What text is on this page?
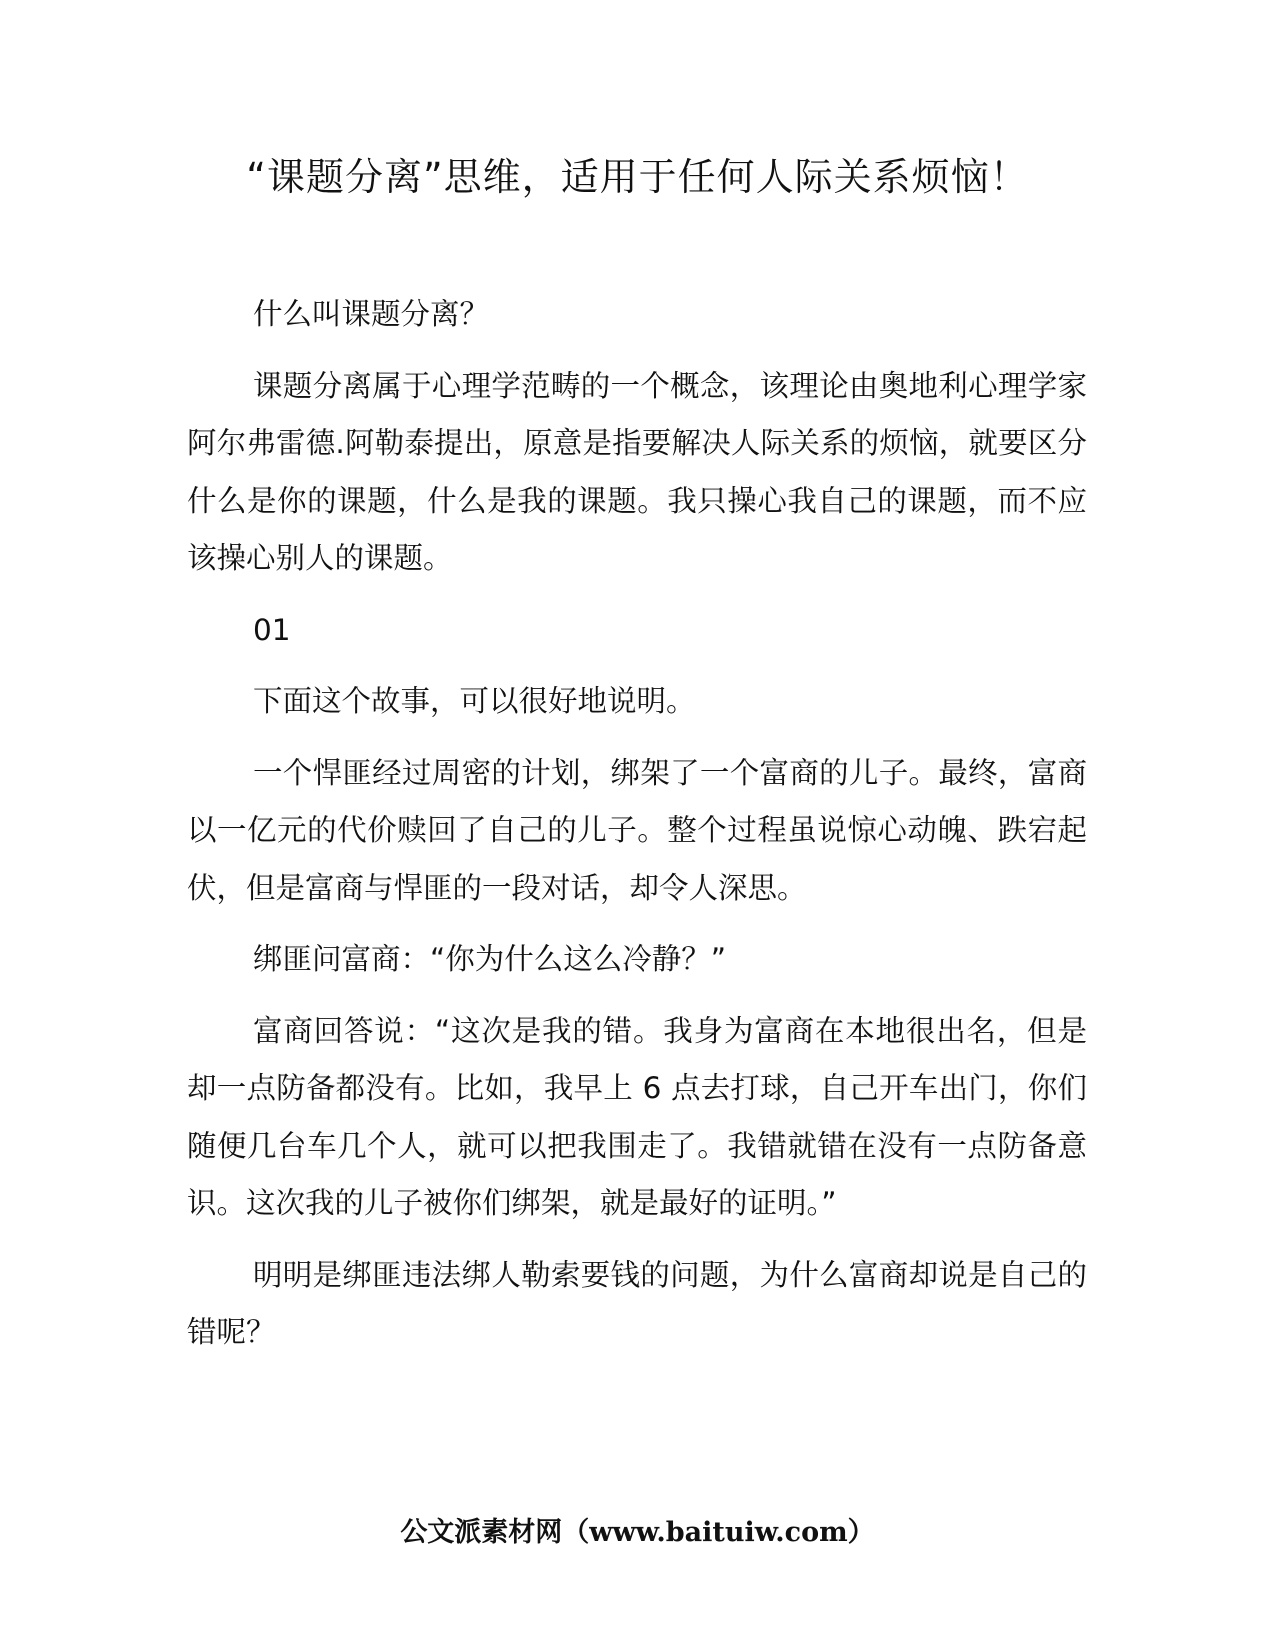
“课题分离”思维，适用于任何人际关系烦恼！

什么叫课题分离？

课题分离属于心理学范畴的一个概念，该理论由奥地利心理学家阿尔弗雷德.阿勒泰提出，原意是指要解决人际关系的烦恼，就要区分什么是你的课题，什么是我的课题。我只操心我自己的课题，而不应该操心别人的课题。

01

下面这个故事，可以很好地说明。

一个悍匪经过周密的计划，绑架了一个富商的儿子。最终，富商以一亿元的代价赎回了自己的儿子。整个过程虽说惊心动魄、跌宕起伏，但是富商与悍匪的一段对话，却令人深思。

绑匪问富商：“你为什么这么冷静？”

富商回答说：“这次是我的错。我身为富商在本地很出名，但是却一点防备都没有。比如，我早上 6 点去打球，自己开车出门，你们随便几台车几个人，就可以把我围走了。我错就错在没有一点防备意识。这次我的儿子被你们绑架，就是最好的证明。”

明明是绑匪违法绑人勒索要钱的问题，为什么富商却说是自己的错呢？

公文派素材网（www.baituiw.com）
